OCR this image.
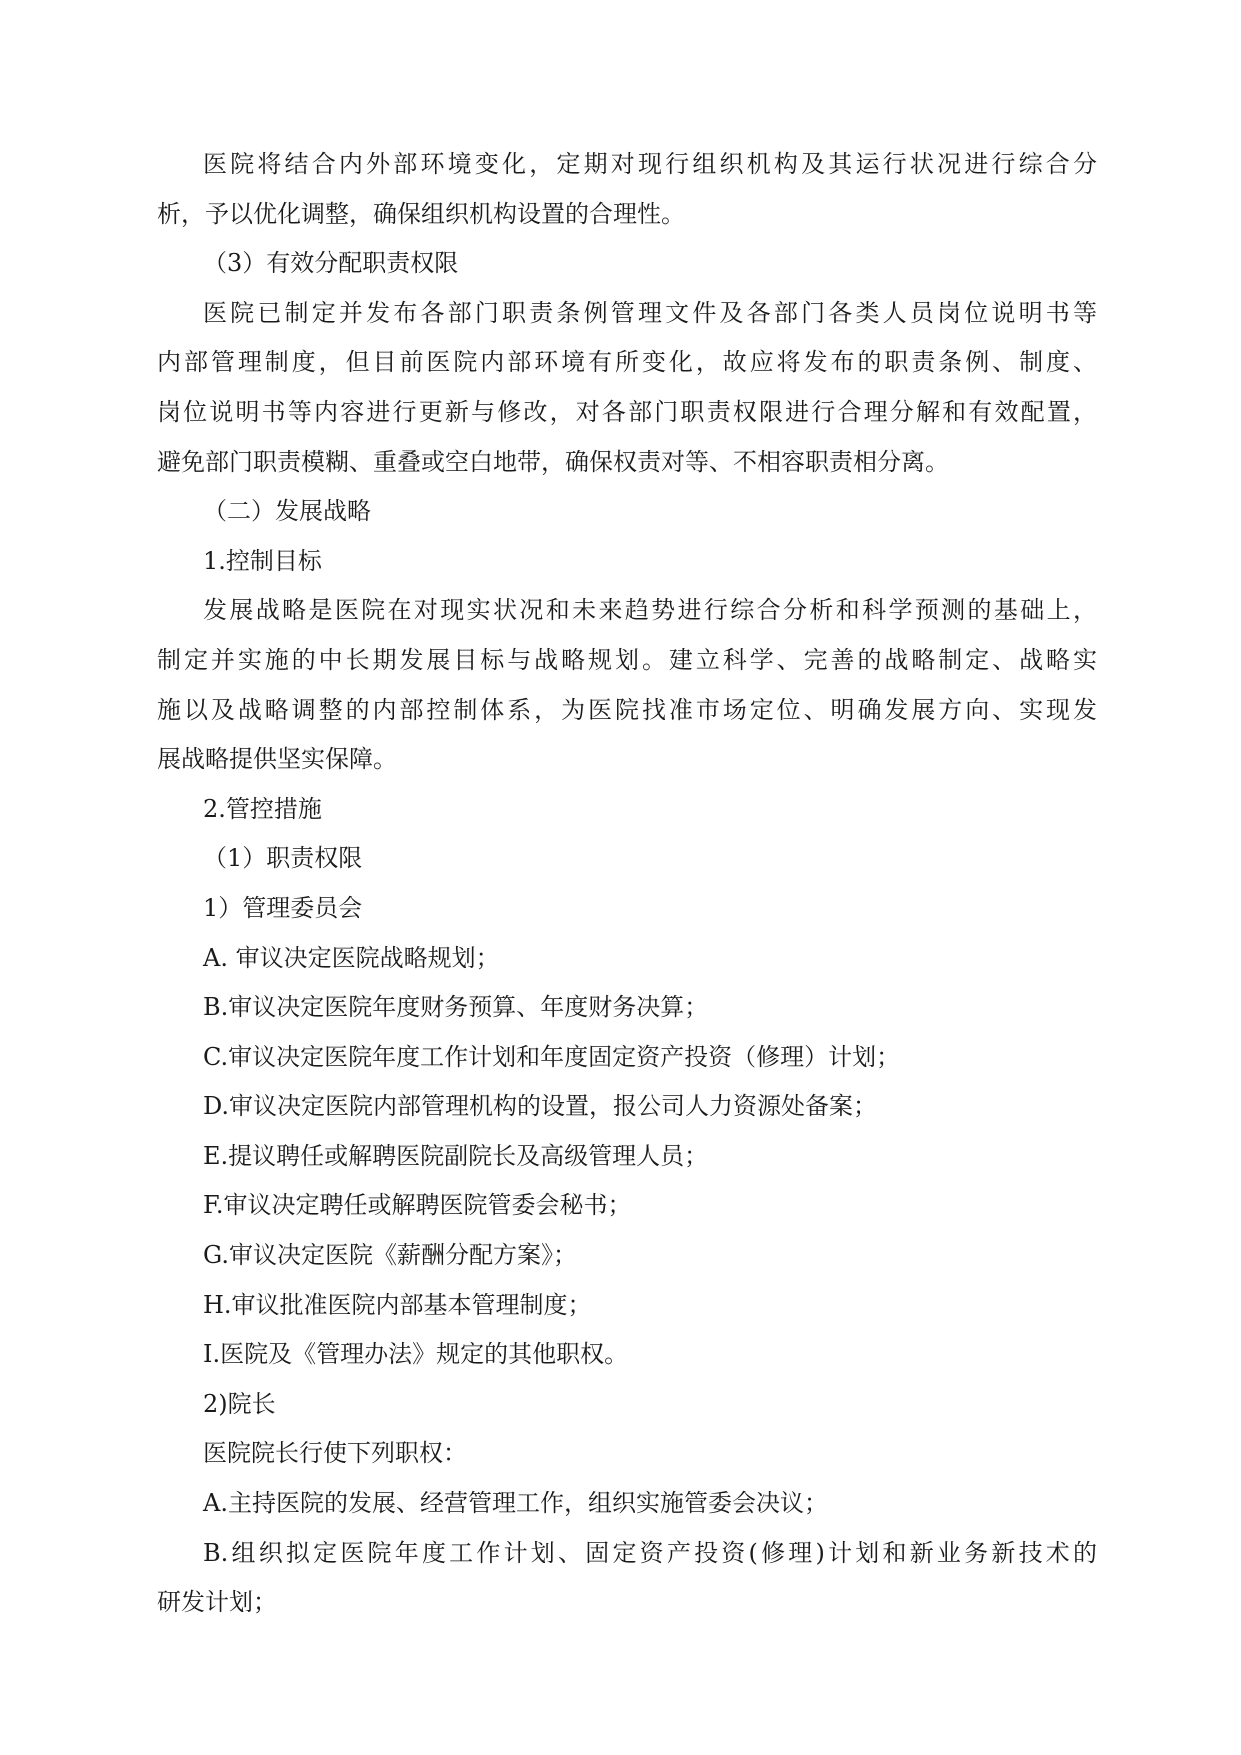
医院将结合内外部环境变化，定期对现行组织机构及其运行状况进行综合分
析，予以优化调整，确保组织机构设置的合理性。
（3）有效分配职责权限
医院已制定并发布各部门职责条例管理文件及各部门各类人员岗位说明书等
内部管理制度，但目前医院内部环境有所变化，故应将发布的职责条例、制度、
岗位说明书等内容进行更新与修改，对各部门职责权限进行合理分解和有效配置，
避免部门职责模糊、重叠或空白地带，确保权责对等、不相容职责相分离。
（二）发展战略
1.控制目标
发展战略是医院在对现实状况和未来趋势进行综合分析和科学预测的基础上，
制定并实施的中长期发展目标与战略规划。建立科学、完善的战略制定、战略实
施以及战略调整的内部控制体系，为医院找准市场定位、明确发展方向、实现发
展战略提供坚实保障。
2.管控措施
（1）职责权限
1）管理委员会
A. 审议决定医院战略规划；
B.审议决定医院年度财务预算、年度财务决算；
C.审议决定医院年度工作计划和年度固定资产投资（修理）计划；
D.审议决定医院内部管理机构的设置，报公司人力资源处备案；
E.提议聘任或解聘医院副院长及高级管理人员；
F.审议决定聘任或解聘医院管委会秘书；
G.审议决定医院《薪酬分配方案》；
H.审议批准医院内部基本管理制度；
I.医院及《管理办法》规定的其他职权。
2)院长
医院院长行使下列职权：
A.主持医院的发展、经营管理工作，组织实施管委会决议；
B.组织拟定医院年度工作计划、固定资产投资(修理)计划和新业务新技术的
研发计划；
